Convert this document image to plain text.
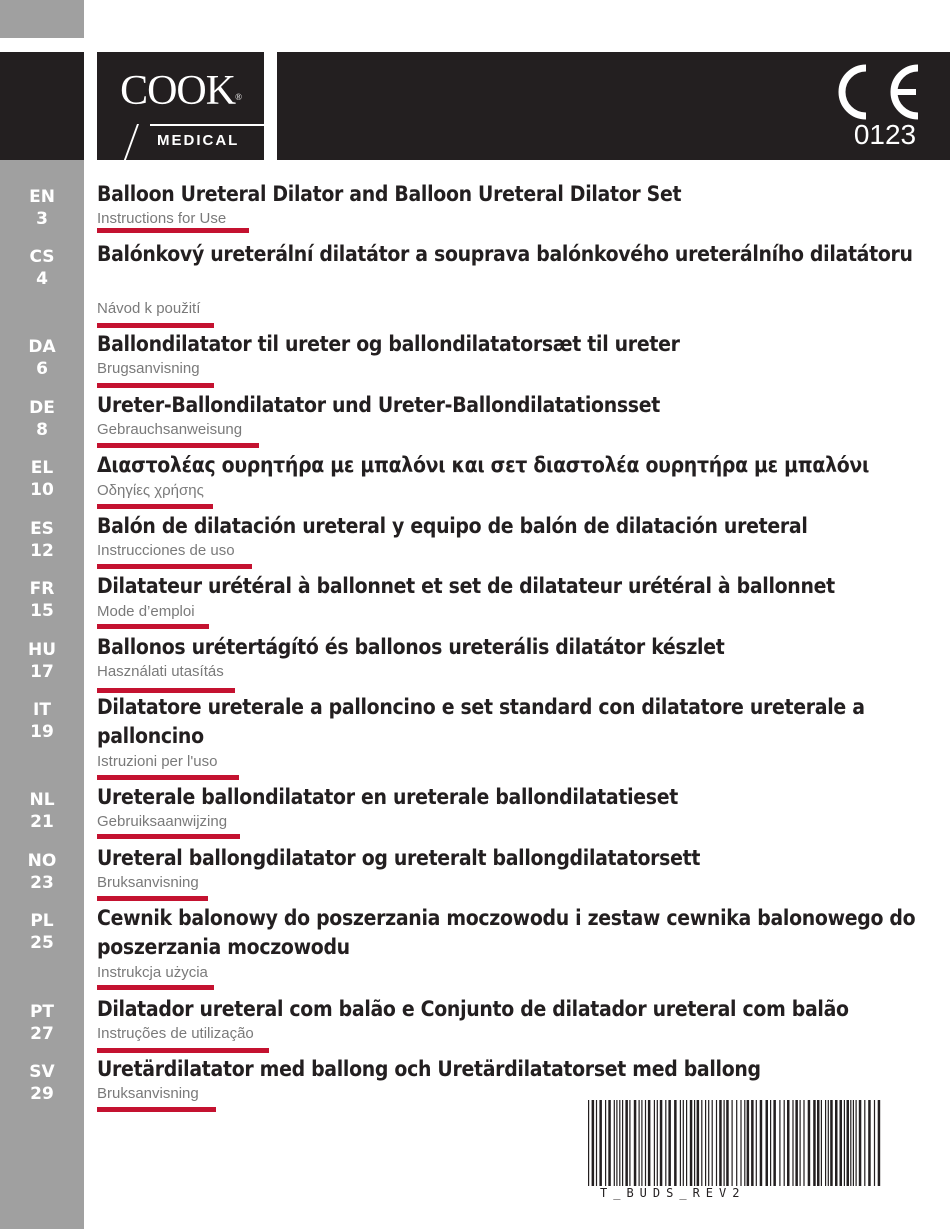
COOK®
MEDICAL	0123
EN
3
Balloon Ureteral Dilator and Balloon Ureteral Dilator Set
Instructions for Use
CS
4
Balónkový ureterální dilatátor a souprava balónkového ureterálního dilatátoru
Návod k použití
DA
6
Ballondilatator til ureter og ballondilatatorsæt til ureter
Brugsanvisning
DE
8
Ureter-Ballondilatator und Ureter-Ballondilatationsset
Gebrauchsanweisung
EL
10
Διαστολέας ουρητήρα με μπαλόνι και σετ διαστολέα ουρητήρα με μπαλόνι
Οδηγίες χρήσης
ES
12
Balón de dilatación ureteral y equipo de balón de dilatación ureteral
Instrucciones de uso
FR
15
Dilatateur urétéral à ballonnet et set de dilatateur urétéral à ballonnet
Mode d’emploi
HU
17
Ballonos urétertágító és ballonos ureterális dilatátor készlet
Használati utasítás
IT
19
Dilatatore ureterale a palloncino e set standard con dilatatore ureterale a palloncino
Istruzioni per l'uso
NL
21
Ureterale ballondilatator en ureterale ballondilatatieset
Gebruiksaanwijzing
NO
23
Ureteral ballongdilatator og ureteralt ballongdilatatorsett
Bruksanvisning
PL
25
Cewnik balonowy do poszerzania moczowodu i zestaw cewnika balonowego do poszerzania moczowodu
Instrukcja użycia
PT
27
Dilatador ureteral com balão e Conjunto de dilatador ureteral com balão
Instruções de utilização
SV
29
Uretärdilatator med ballong och Uretärdilatatorset med ballong
Bruksanvisning
T_BUDS_REV2
